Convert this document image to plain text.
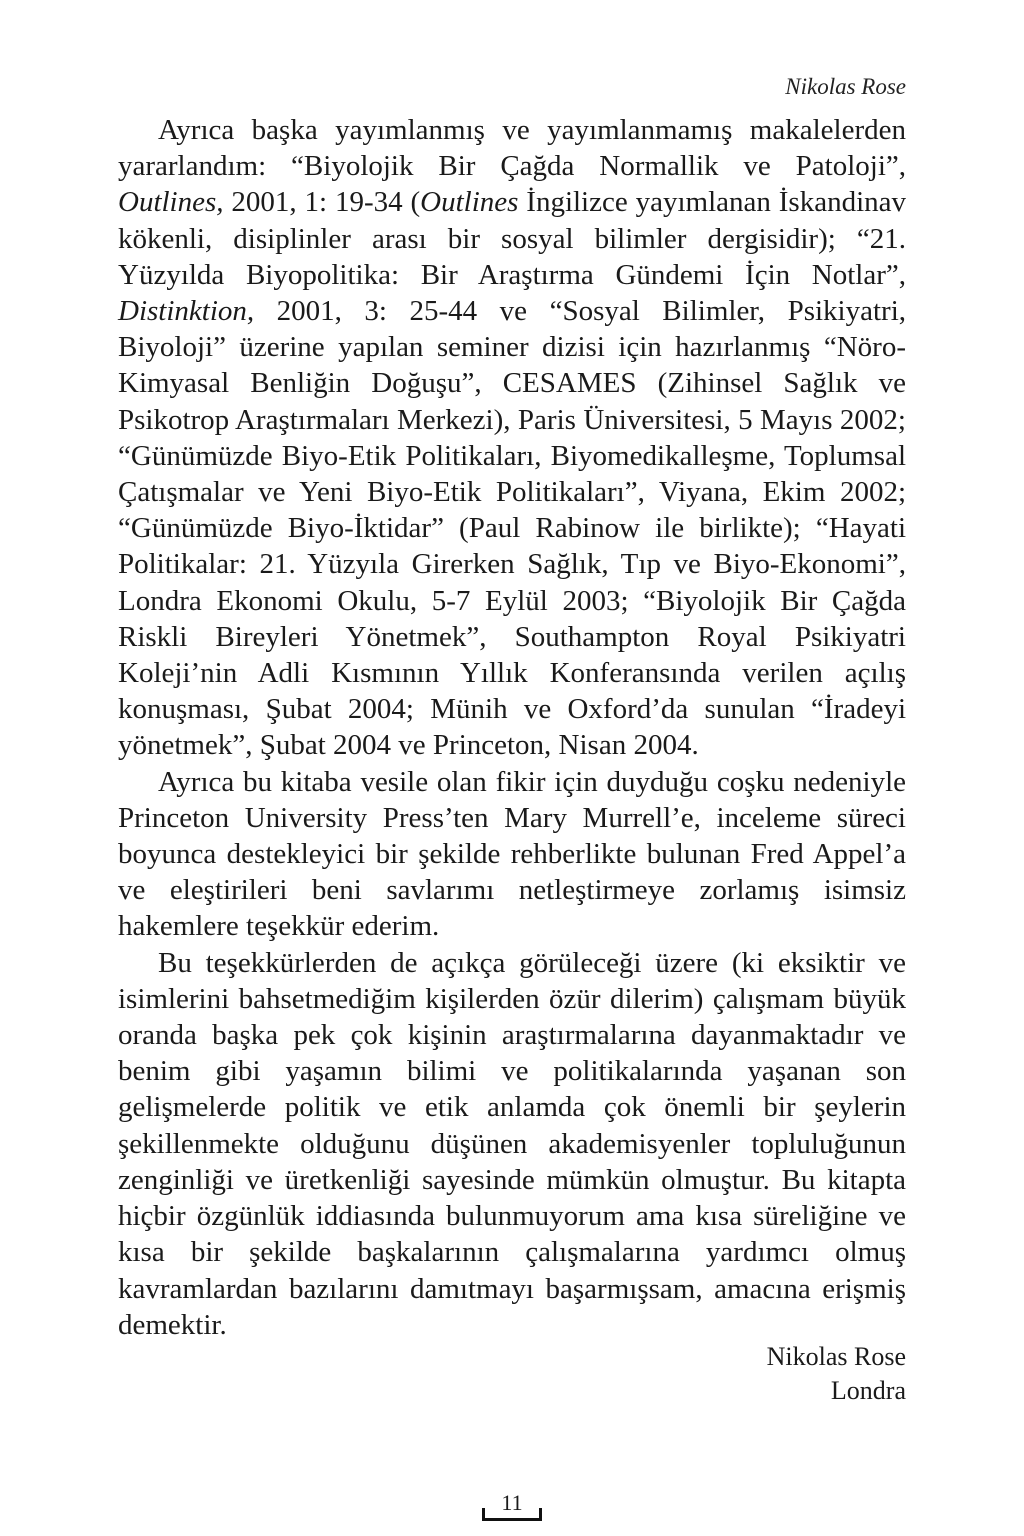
Nikolas Rose

Ayrıca başka yayımlanmış ve yayımlanmamış makalelerden yararlandım: “Biyolojik Bir Çağda Normallik ve Patoloji”, Outlines, 2001, 1: 19-34 (Outlines İngilizce yayımlanan İskandinav kökenli, disiplinler arası bir sosyal bilimler dergisidir); “21. Yüzyılda Biyopolitika: Bir Araştırma Gündemi İçin Notlar”, Distinktion, 2001, 3: 25-44 ve “Sosyal Bilimler, Psikiyatri, Biyoloji” üzerine yapılan seminer dizisi için hazırlanmış “Nöro-Kimyasal Benliğin Doğuşu”, CESAMES (Zihinsel Sağlık ve Psikotrop Araştırmaları Merkezi), Paris Üniversitesi, 5 Mayıs 2002; “Günümüzde Biyo-Etik Politikaları, Biyomedikalleşme, Toplumsal Çatışmalar ve Yeni Biyo-Etik Politikaları”, Viyana, Ekim 2002; “Günümüzde Biyo-İktidar” (Paul Rabinow ile birlikte); “Hayati Politikalar: 21. Yüzyıla Girerken Sağlık, Tıp ve Biyo-Ekonomi”, Londra Ekonomi Okulu, 5-7 Eylül 2003; “Biyolojik Bir Çağda Riskli Bireyleri Yönetmek”, Southampton Royal Psikiyatri Koleji’nin Adli Kısmının Yıllık Konferansında verilen açılış konuşması, Şubat 2004; Münih ve Oxford’da sunulan “İradeyi yönetmek”, Şubat 2004 ve Princeton, Nisan 2004.

Ayrıca bu kitaba vesile olan fikir için duyduğu coşku nedeniyle Princeton University Press’ten Mary Murrell’e, inceleme süreci boyunca destekleyici bir şekilde rehberlikte bulunan Fred Appel’a ve eleştirileri beni savlarımı netleştirmeye zorlamış isimsiz hakemlere teşekkür ederim.

Bu teşekkürlerden de açıkça görüleceği üzere (ki eksiktir ve isimlerini bahsetmediğim kişilerden özür dilerim) çalışmam büyük oranda başka pek çok kişinin araştırmalarına dayanmaktadır ve benim gibi yaşamın bilimi ve politikalarında yaşanan son gelişmelerde politik ve etik anlamda çok önemli bir şeylerin şekillenmekte olduğunu düşünen akademisyenler topluluğunun zenginliği ve üretkenliği sayesinde mümkün olmuştur. Bu kitapta hiçbir özgünlük iddiasında bulunmuyorum ama kısa süreliğine ve kısa bir şekilde başkalarının çalışmalarına yardımcı olmuş kavramlardan bazılarını damıtmayı başarmışsam, amacına erişmiş demektir.

Nikolas Rose
Londra
11
